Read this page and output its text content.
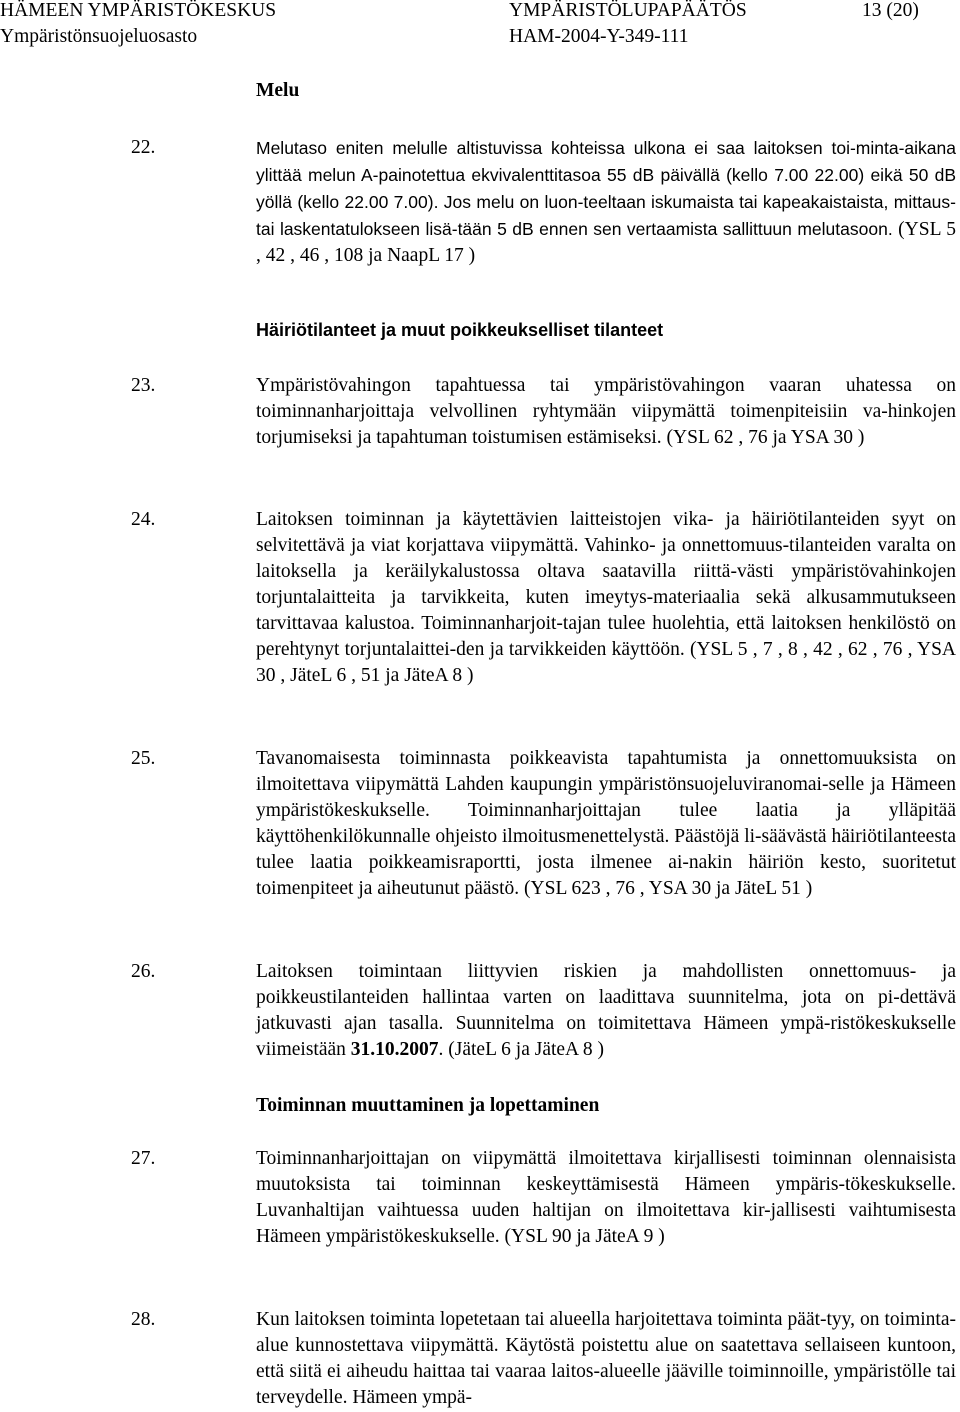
HÄMEEN YMPÄRISTÖKESKUS
Ympäristönsuojeluosasto
YMPÄRISTÖLUPAPÄÄTÖS
HAM-2004-Y-349-111
13 (20)
Melu
22.	Melutaso eniten melulle altistuvissa kohteissa ulkona ei saa laitoksen toi-minta-aikana ylittää melun A-painotettua ekvivalenttitasoa 55 dB päivällä (kello 7.00 22.00) eikä 50 dB yöllä (kello 22.00 7.00). Jos melu on luon-teeltaan iskumaista tai kapeakaistaista, mittaus- tai laskentatulokseen lisä-tään 5 dB ennen sen vertaamista sallittuun melutasoon. (YSL 5 , 42 , 46 , 108 ja NaapL 17 )

Häiriötilanteet ja muut poikkeukselliset tilanteet
23.	Ympäristövahingon tapahtuessa tai ympäristövahingon vaaran uhatessa on toiminnanharjoittaja velvollinen ryhtymään viipymättä toimenpiteisiin va-hinkojen torjumiseksi ja tapahtuman toistumisen estämiseksi. (YSL 62 , 76 ja YSA 30 )

24.	Laitoksen toiminnan ja käytettävien laitteistojen vika- ja häiriötilanteiden syyt on selvitettävä ja viat korjattava viipymättä. Vahinko- ja onnettomuus-tilanteiden varalta on laitoksella ja keräilykalustossa oltava saatavilla riittä-västi ympäristövahinkojen torjuntalaitteita ja tarvikkeita, kuten imeytys-materiaalia sekä alkusammutukseen tarvittavaa kalustoa. Toiminnanharjoit-tajan tulee huolehtia, että laitoksen henkilöstö on perehtynyt torjuntalaittei-den ja tarvikkeiden käyttöön. (YSL 5 , 7 , 8 , 42 , 62 , 76 , YSA 30 , JäteL 6 , 51 ja JäteA 8 )

25.	Tavanomaisesta toiminnasta poikkeavista tapahtumista ja onnettomuuksista on ilmoitettava viipymättä Lahden kaupungin ympäristönsuojeluviranomai-selle ja Hämeen ympäristökeskukselle. Toiminnanharjoittajan tulee laatia ja ylläpitää käyttöhenkilökunnalle ohjeisto ilmoitusmenettelystä. Päästöjä li-säävästä häiriötilanteesta tulee laatia poikkeamisraportti, josta ilmenee ai-nakin häiriön kesto, suoritetut toimenpiteet ja aiheutunut päästö. (YSL 623 , 76 , YSA 30 ja JäteL 51 )

26.	Laitoksen toimintaan liittyvien riskien ja mahdollisten onnettomuus- ja poikkeustilanteiden hallintaa varten on laadittava suunnitelma, jota on pi-dettävä jatkuvasti ajan tasalla. Suunnitelma on toimitettava Hämeen ympä-ristökeskukselle viimeistään 31.10.2007. (JäteL 6 ja JäteA 8 )

Toiminnan muuttaminen ja lopettaminen
27.	Toiminnanharjoittajan on viipymättä ilmoitettava kirjallisesti toiminnan olennaisista muutoksista tai toiminnan keskeyttämisestä Hämeen ympäris-tökeskukselle. Luvanhaltijan vaihtuessa uuden haltijan on ilmoitettava kir-jallisesti vaihtumisesta Hämeen ympäristökeskukselle. (YSL 90 ja JäteA 9 )

28.	Kun laitoksen toiminta lopetetaan tai alueella harjoitettava toiminta päät-tyy, on toiminta-alue kunnostettava viipymättä. Käytöstä poistettu alue on saatettava sellaiseen kuntoon, että siitä ei aiheudu haittaa tai vaaraa laitos-alueelle jääville toiminnoille, ympäristölle tai terveydelle. Hämeen ympä-
